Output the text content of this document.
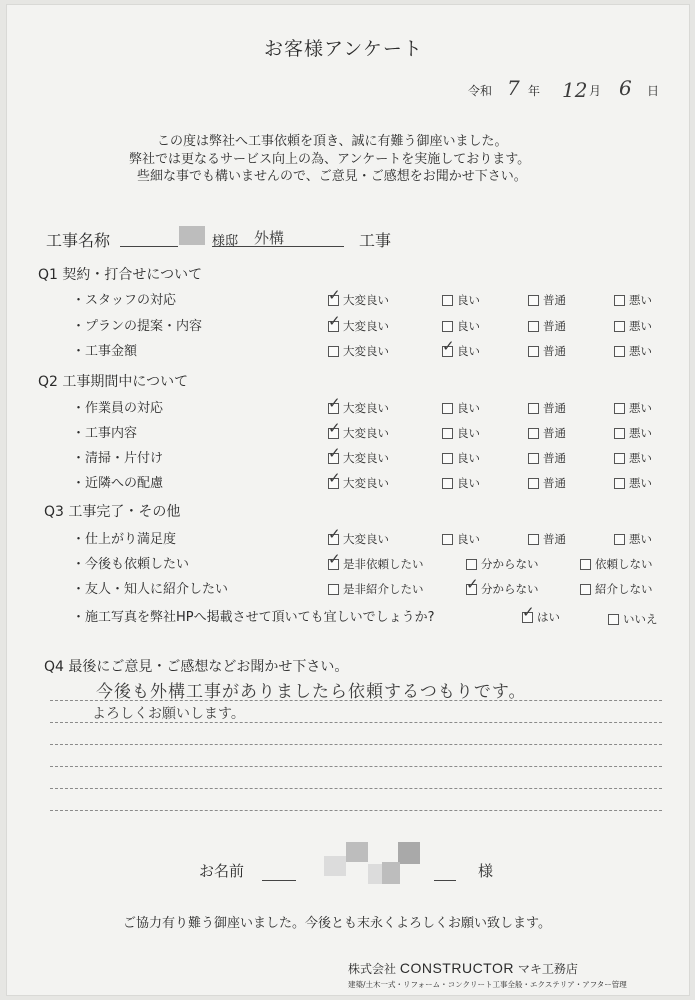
お客様アンケート
令和 7 年 12 月 6 日
この度は弊社へ工事依頼を頂き、誠に有難う御座いました。
弊社では更なるサービス向上の為、アンケートを実施しております。
些細な事でも構いませんので、ご意見・ご感想をお聞かせ下さい。
工事名称	様邸 外構	工事
Q1 契約・打合せについて
Q2 工事期間中について
Q3 工事完了・その他
・施工写真を弊社HPへ掲載させて頂いても宜しいでしょうか?	✓ はい	いいえ
Q4 最後にご意見・ご感想などお聞かせ下さい。
今後も外構工事がありましたら依頼するつもりです。
よろしくお願いします。
お名前	様
ご協力有り難う御座いました。今後とも末永くよろしくお願い致します。
株式会社 CONSTRUCTOR マキ工務店
建築/土木一式・リフォーム・コンクリート工事全般・エクステリア・アフター管理
・スタッフの対応	✓ 大変良い	良い	普通	悪い
・プランの提案・内容	✓ 大変良い	良い	普通	悪い
・工事金額	大変良い	✓ 良い	普通	悪い
・作業員の対応	✓ 大変良い	良い	普通	悪い
・工事内容	✓ 大変良い	良い	普通	悪い
・清掃・片付け	✓ 大変良い	良い	普通	悪い
・近隣への配慮	✓ 大変良い	良い	普通	悪い
・仕上がり満足度	✓ 大変良い	良い	普通	悪い
・今後も依頼したい	✓ 是非依頼したい	分からない	依頼しない
・友人・知人に紹介したい	是非紹介したい	✓ 分からない	紹介しない
